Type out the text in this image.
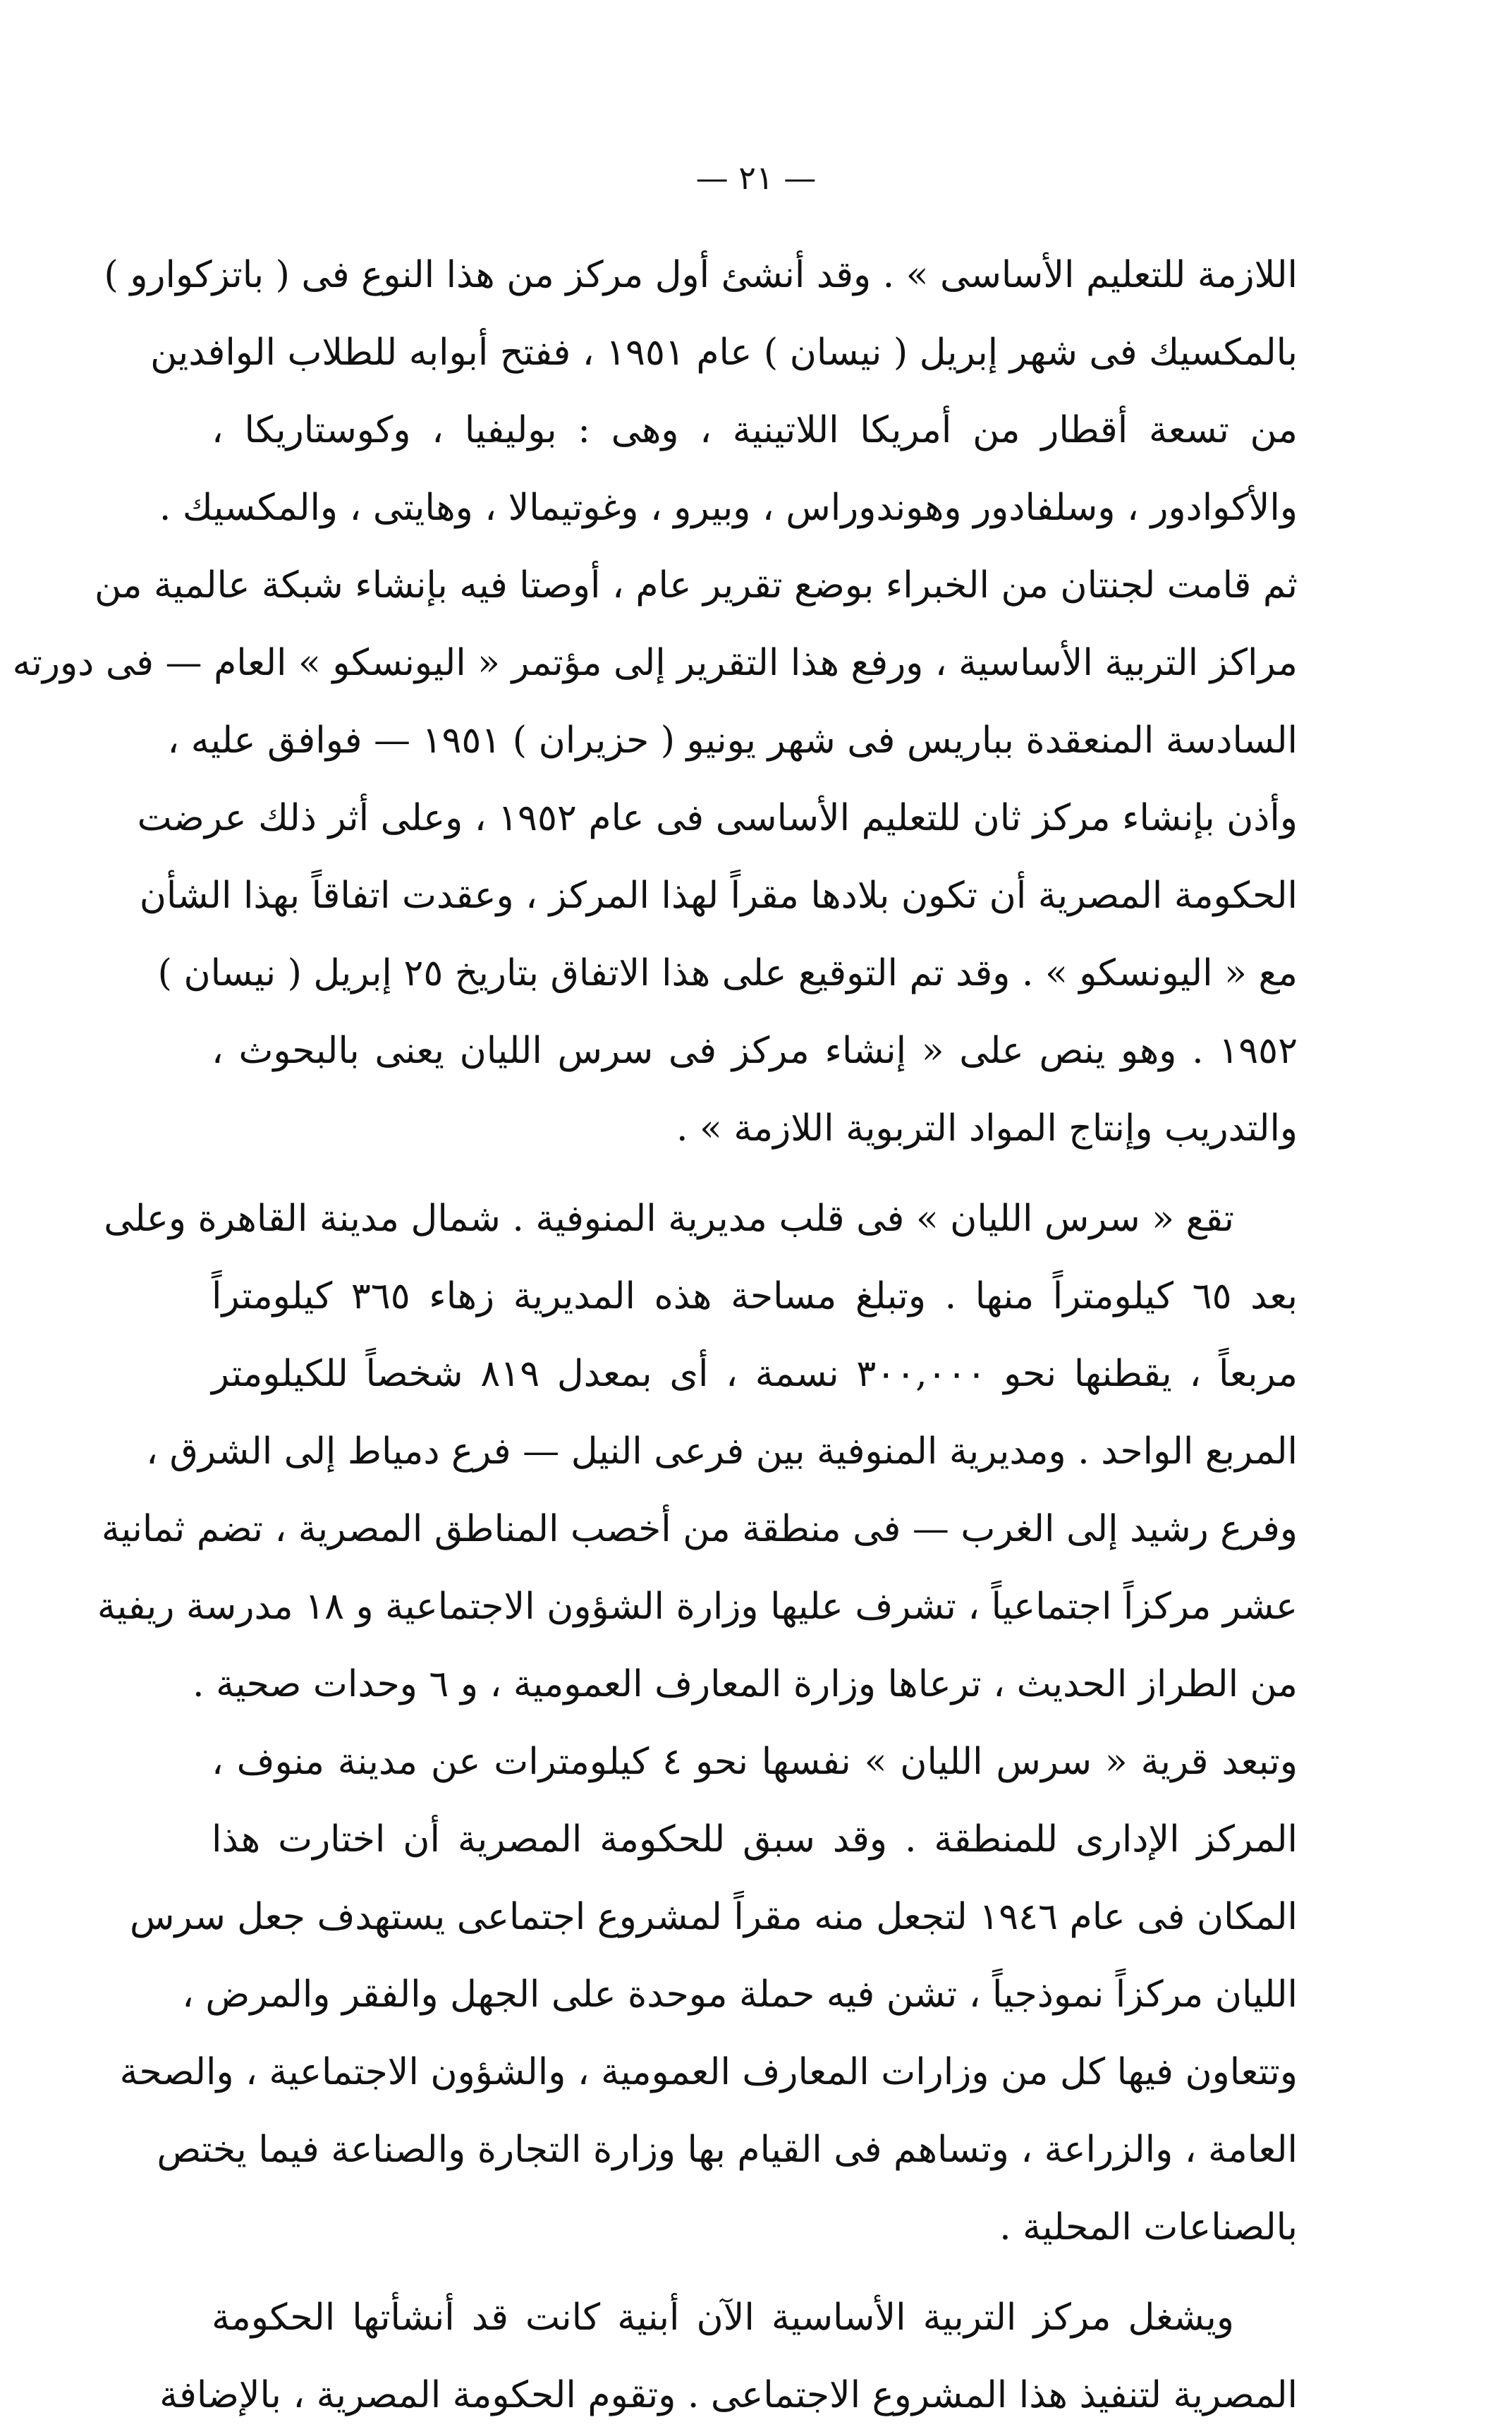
— ٢١ —
اللازمة للتعليم الأساسى » . وقد أنشئ أول مركز من هذا النوع فى ( باتزكوارو )
بالمكسيك فى شهر إبريل ( نيسان ) عام ١٩٥١ ، ففتح أبوابه للطلاب الوافدين
من تسعة أقطار من أمريكا اللاتينية ، وهى : بوليفيا ، وكوستاريكا ،
والأكوادور ، وسلفادور وهوندوراس ، وبيرو ، وغوتيمالا ، وهايتى ، والمكسيك .
ثم قامت لجنتان من الخبراء بوضع تقرير عام ، أوصتا فيه بإنشاء شبكة عالمية من
مراكز التربية الأساسية ، ورفع هذا التقرير إلى مؤتمر « اليونسكو » العام — فى دورته
السادسة المنعقدة بباريس فى شهر يونيو ( حزيران ) ١٩٥١ — فوافق عليه ،
وأذن بإنشاء مركز ثان للتعليم الأساسى فى عام ١٩٥٢ ، وعلى أثر ذلك عرضت
الحكومة المصرية أن تكون بلادها مقراً لهذا المركز ، وعقدت اتفاقاً بهذا الشأن
مع « اليونسكو » . وقد تم التوقيع على هذا الاتفاق بتاريخ ٢٥ إبريل ( نيسان )
١٩٥٢ . وهو ينص على « إنشاء مركز فى سرس الليان يعنى بالبحوث ،
والتدريب وإنتاج المواد التربوية اللازمة » .
تقع « سرس الليان » فى قلب مديرية المنوفية . شمال مدينة القاهرة وعلى
بعد ٦٥ كيلومتراً منها . وتبلغ مساحة هذه المديرية زهاء ٣٦٥ كيلومتراً
مربعاً ، يقطنها نحو ٣٠٠,٠٠٠ نسمة ، أى بمعدل ٨١٩ شخصاً للكيلومتر
المربع الواحد . ومديرية المنوفية بين فرعى النيل — فرع دمياط إلى الشرق ،
وفرع رشيد إلى الغرب — فى منطقة من أخصب المناطق المصرية ، تضم ثمانية
عشر مركزاً اجتماعياً ، تشرف عليها وزارة الشؤون الاجتماعية و ١٨ مدرسة ريفية
من الطراز الحديث ، ترعاها وزارة المعارف العمومية ، و ٦ وحدات صحية .
وتبعد قرية « سرس الليان » نفسها نحو ٤ كيلومترات عن مدينة منوف ،
المركز الإدارى للمنطقة . وقد سبق للحكومة المصرية أن اختارت هذا
المكان فى عام ١٩٤٦ لتجعل منه مقراً لمشروع اجتماعى يستهدف جعل سرس
الليان مركزاً نموذجياً ، تشن فيه حملة موحدة على الجهل والفقر والمرض ،
وتتعاون فيها كل من وزارات المعارف العمومية ، والشؤون الاجتماعية ، والصحة
العامة ، والزراعة ، وتساهم فى القيام بها وزارة التجارة والصناعة فيما يختص
بالصناعات المحلية .
ويشغل مركز التربية الأساسية الآن أبنية كانت قد أنشأتها الحكومة
المصرية لتنفيذ هذا المشروع الاجتماعى . وتقوم الحكومة المصرية ، بالإضافة
